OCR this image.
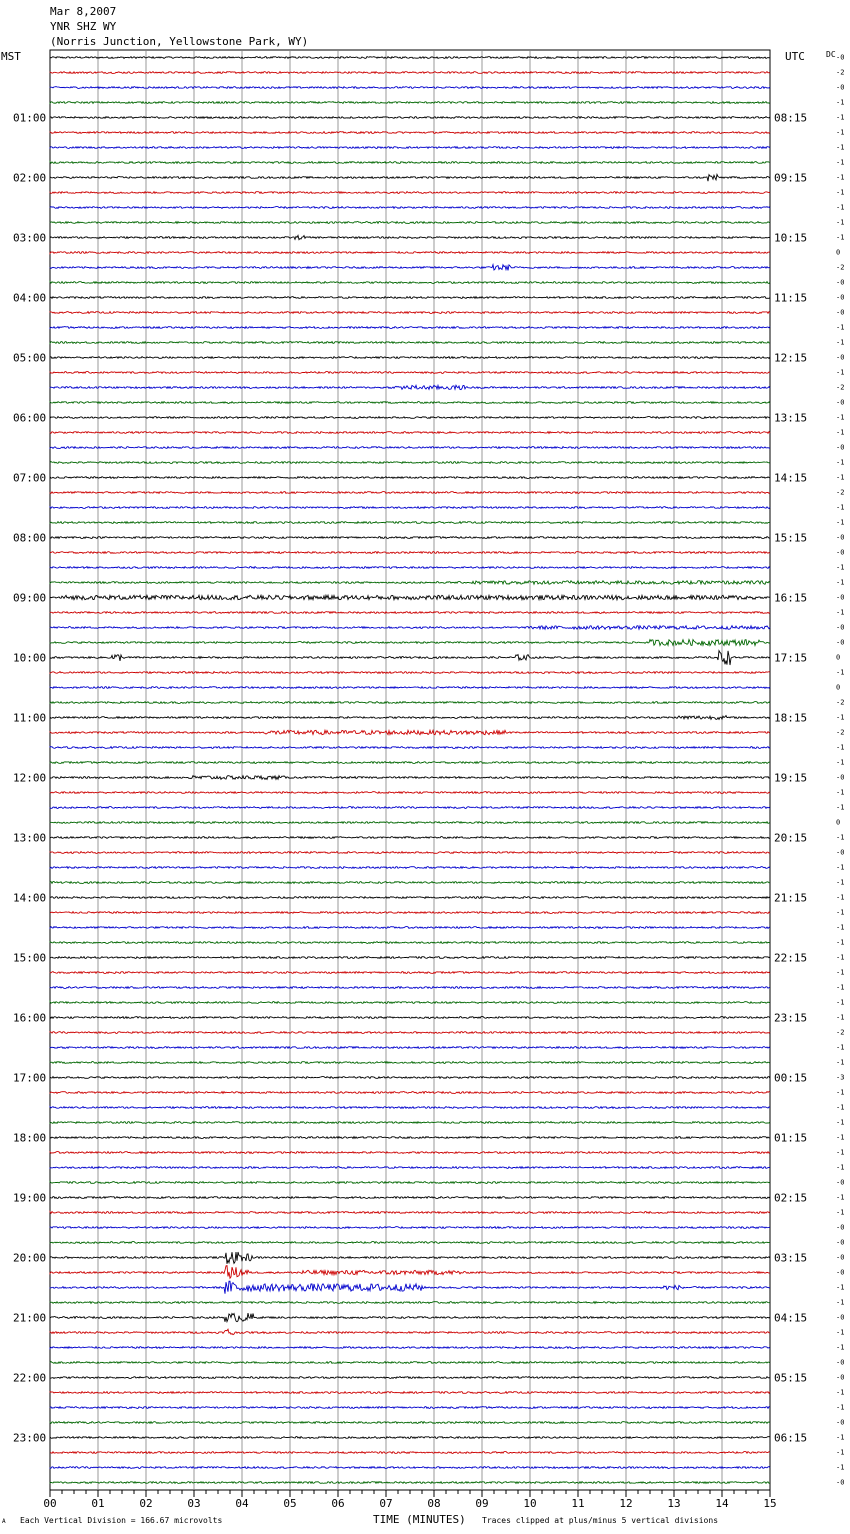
Mar 8,2007
YNR SHZ WY
(Norris Junction, Yellowstone Park, WY)
MST	UTC	DC
01:00
02:00
03:00
04:00
05:00
06:00
07:00
08:00
09:00
10:00
11:00
12:00
13:00
14:00
15:00
16:00
17:00
18:00
19:00
20:00
21:00
22:00
23:00
08:15
09:15
10:15
11:15
12:15
13:15
14:15
15:15
16:15
17:15
18:15
19:15
20:15
21:15
22:15
23:15
00:15
01:15
02:15
03:15
04:15
05:15
06:15
-0
-2
-0
-1
-1
-1
-1
-1
-1
-1
-1
-1
-1
0
-2
-0
-0
-0
-1
-1
-0
-1
-2
-0
-1
-1
-0
-1
-1
-2
-1
-1
-0
-0
-1
-1
-0
-1
-0
-0
0
-1
0
-2
-1
-2
-1
-1
-0
-1
-1
0
-1
-0
-1
-1
-1
-1
-1
-1
-1
-1
-1
-1
-1
-2
-1
-1
-3
-1
-1
-1
-1
-1
-1
-0
-1
-1
-0
-0
-0
-0
-1
-1
-0
-1
-1
-0
-0
-1
-1
-0
-1
-1
-1
-0
00	01	02	03	04	05	06	07	08	09	10	11	12	13	14	15
TIME (MINUTES)
Each Vertical Division = 166.67 microvolts	Traces clipped at plus/minus 5 vertical divisions
A
